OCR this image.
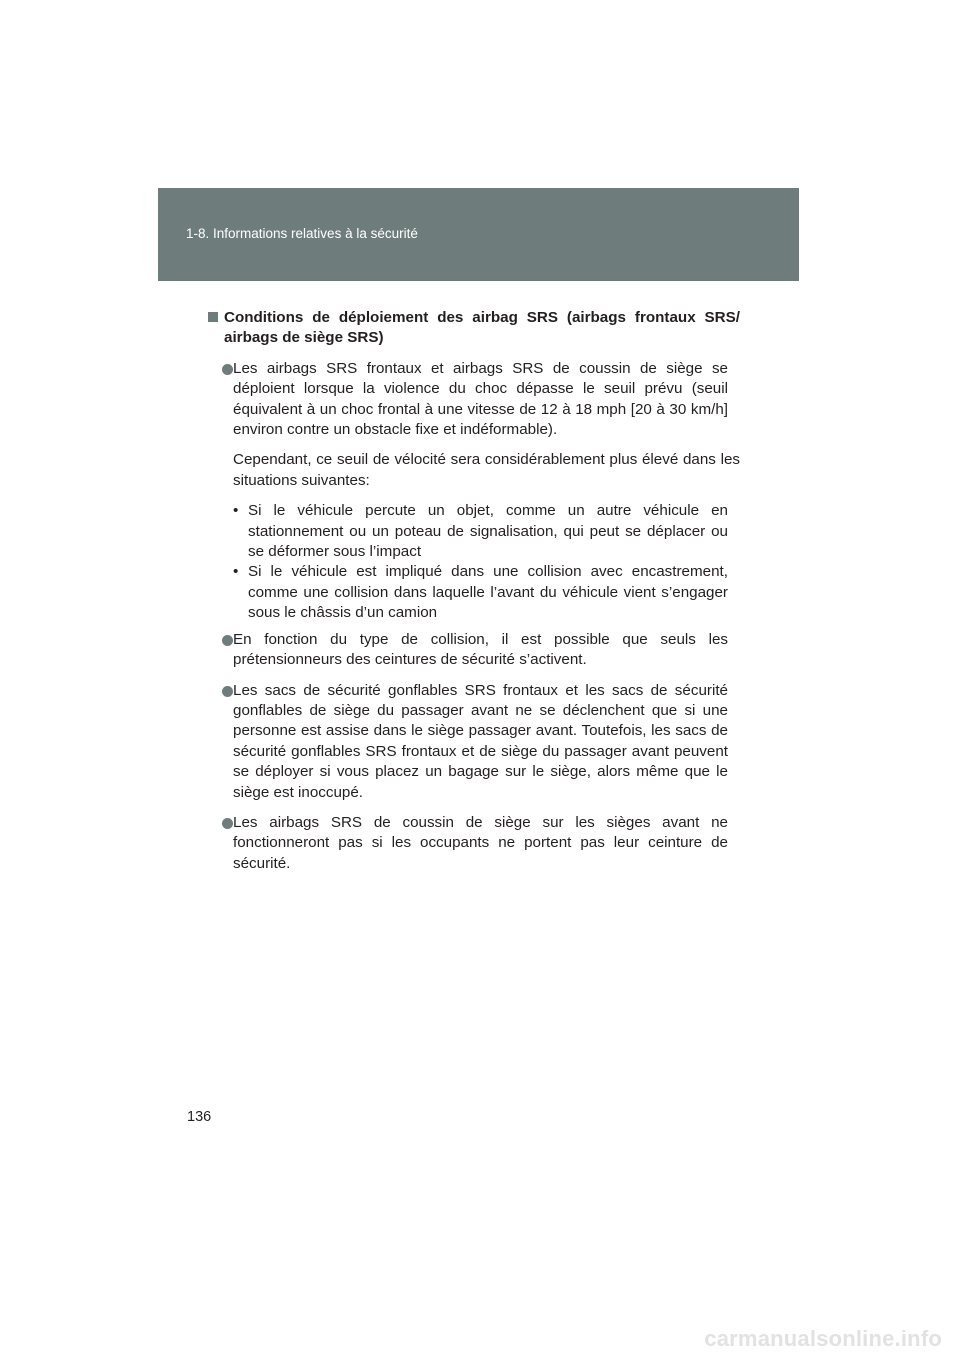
1-8. Informations relatives à la sécurité

Conditions de déploiement des airbag SRS (airbags frontaux SRS/ airbags de siège SRS)

Les airbags SRS frontaux et airbags SRS de coussin de siège se déploient lorsque la violence du choc dépasse le seuil prévu (seuil équivalent à un choc frontal à une vitesse de 12 à 18 mph [20 à 30 km/h] environ contre un obstacle fixe et indéformable).

Cependant, ce seuil de vélocité sera considérablement plus élevé dans les situations suivantes:

• Si le véhicule percute un objet, comme un autre véhicule en stationnement ou un poteau de signalisation, qui peut se déplacer ou se déformer sous l’impact
• Si le véhicule est impliqué dans une collision avec encastrement, comme une collision dans laquelle l’avant du véhicule vient s’engager sous le châssis d’un camion
En fonction du type de collision, il est possible que seuls les prétensionneurs des ceintures de sécurité s’activent.
Les sacs de sécurité gonflables SRS frontaux et les sacs de sécurité gonflables de siège du passager avant ne se déclenchent que si une personne est assise dans le siège passager avant. Toutefois, les sacs de sécurité gonflables SRS frontaux et de siège du passager avant peuvent se déployer si vous placez un bagage sur le siège, alors même que le siège est inoccupé.
Les airbags SRS de coussin de siège sur les sièges avant ne fonctionneront pas si les occupants ne portent pas leur ceinture de sécurité.
136
carmanualsonline.info
